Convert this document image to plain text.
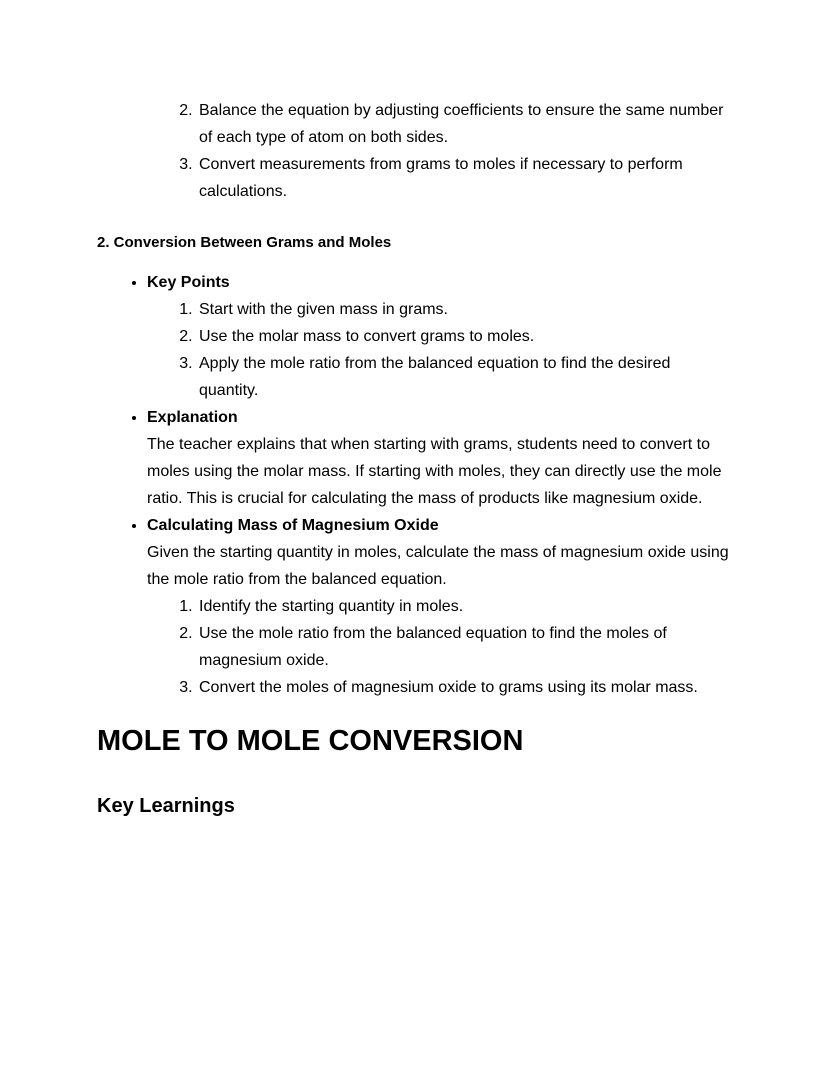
2. Balance the equation by adjusting coefficients to ensure the same number of each type of atom on both sides.
3. Convert measurements from grams to moles if necessary to perform calculations.
2. Conversion Between Grams and Moles
• Key Points
1. Start with the given mass in grams.
2. Use the molar mass to convert grams to moles.
3. Apply the mole ratio from the balanced equation to find the desired quantity.
• Explanation
The teacher explains that when starting with grams, students need to convert to moles using the molar mass. If starting with moles, they can directly use the mole ratio. This is crucial for calculating the mass of products like magnesium oxide.
• Calculating Mass of Magnesium Oxide
Given the starting quantity in moles, calculate the mass of magnesium oxide using the mole ratio from the balanced equation.
1. Identify the starting quantity in moles.
2. Use the mole ratio from the balanced equation to find the moles of magnesium oxide.
3. Convert the moles of magnesium oxide to grams using its molar mass.
MOLE TO MOLE CONVERSION
Key Learnings
